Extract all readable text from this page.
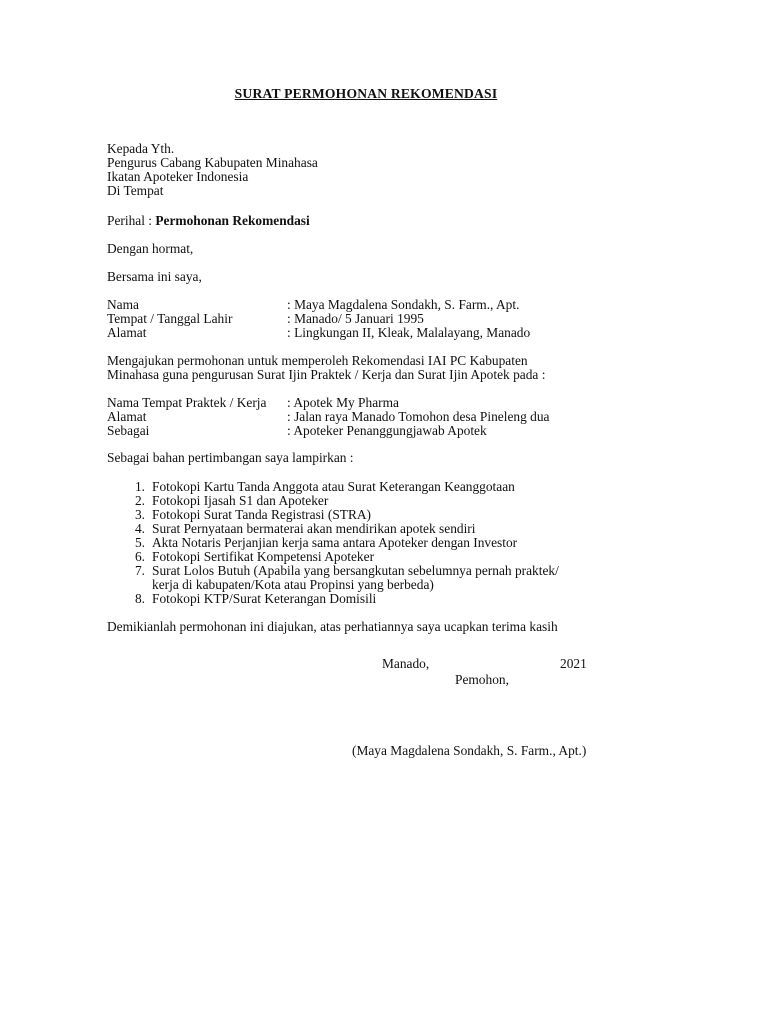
SURAT PERMOHONAN REKOMENDASI
Kepada Yth.
Pengurus Cabang Kabupaten Minahasa
Ikatan Apoteker Indonesia
Di Tempat
Perihal : Permohonan Rekomendasi
Dengan hormat,
Bersama ini saya,
Nama	: Maya Magdalena Sondakh, S. Farm., Apt.
Tempat / Tanggal Lahir	: Manado/ 5 Januari 1995
Alamat	: Lingkungan II, Kleak, Malalayang, Manado
Mengajukan permohonan untuk memperoleh Rekomendasi IAI PC Kabupaten
Minahasa guna pengurusan Surat Ijin Praktek / Kerja dan Surat Ijin Apotek pada :
Nama Tempat Praktek / Kerja : Apotek My Pharma
Alamat	: Jalan raya Manado Tomohon desa Pineleng dua
Sebagai	: Apoteker Penanggungjawab Apotek
Sebagai bahan pertimbangan saya lampirkan :
1. Fotokopi Kartu Tanda Anggota atau Surat Keterangan Keanggotaan
2. Fotokopi Ijasah S1 dan Apoteker
3. Fotokopi Surat Tanda Registrasi (STRA)
4. Surat Pernyataan bermaterai akan mendirikan apotek sendiri
5. Akta Notaris Perjanjian kerja sama antara Apoteker dengan Investor
6. Fotokopi Sertifikat Kompetensi Apoteker
7. Surat Lolos Butuh (Apabila yang bersangkutan sebelumnya pernah praktek/
kerja di kabupaten/Kota atau Propinsi yang berbeda)
8. Fotokopi KTP/Surat Keterangan Domisili
Demikianlah permohonan ini diajukan, atas perhatiannya saya ucapkan terima kasih
Manado,	2021
Pemohon,
(Maya Magdalena Sondakh, S. Farm., Apt.)
